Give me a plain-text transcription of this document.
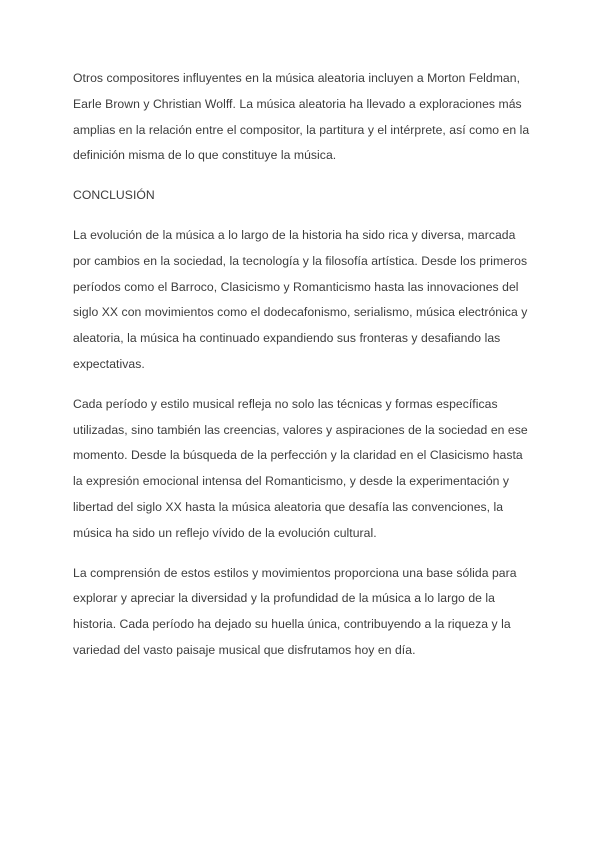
Otros compositores influyentes en la música aleatoria incluyen a Morton Feldman, Earle Brown y Christian Wolff. La música aleatoria ha llevado a exploraciones más amplias en la relación entre el compositor, la partitura y el intérprete, así como en la definición misma de lo que constituye la música.

CONCLUSIÓN

La evolución de la música a lo largo de la historia ha sido rica y diversa, marcada por cambios en la sociedad, la tecnología y la filosofía artística. Desde los primeros períodos como el Barroco, Clasicismo y Romanticismo hasta las innovaciones del siglo XX con movimientos como el dodecafonismo, serialismo, música electrónica y aleatoria, la música ha continuado expandiendo sus fronteras y desafiando las expectativas.

Cada período y estilo musical refleja no solo las técnicas y formas específicas utilizadas, sino también las creencias, valores y aspiraciones de la sociedad en ese momento. Desde la búsqueda de la perfección y la claridad en el Clasicismo hasta la expresión emocional intensa del Romanticismo, y desde la experimentación y libertad del siglo XX hasta la música aleatoria que desafía las convenciones, la música ha sido un reflejo vívido de la evolución cultural.

La comprensión de estos estilos y movimientos proporciona una base sólida para explorar y apreciar la diversidad y la profundidad de la música a lo largo de la historia. Cada período ha dejado su huella única, contribuyendo a la riqueza y la variedad del vasto paisaje musical que disfrutamos hoy en día.
